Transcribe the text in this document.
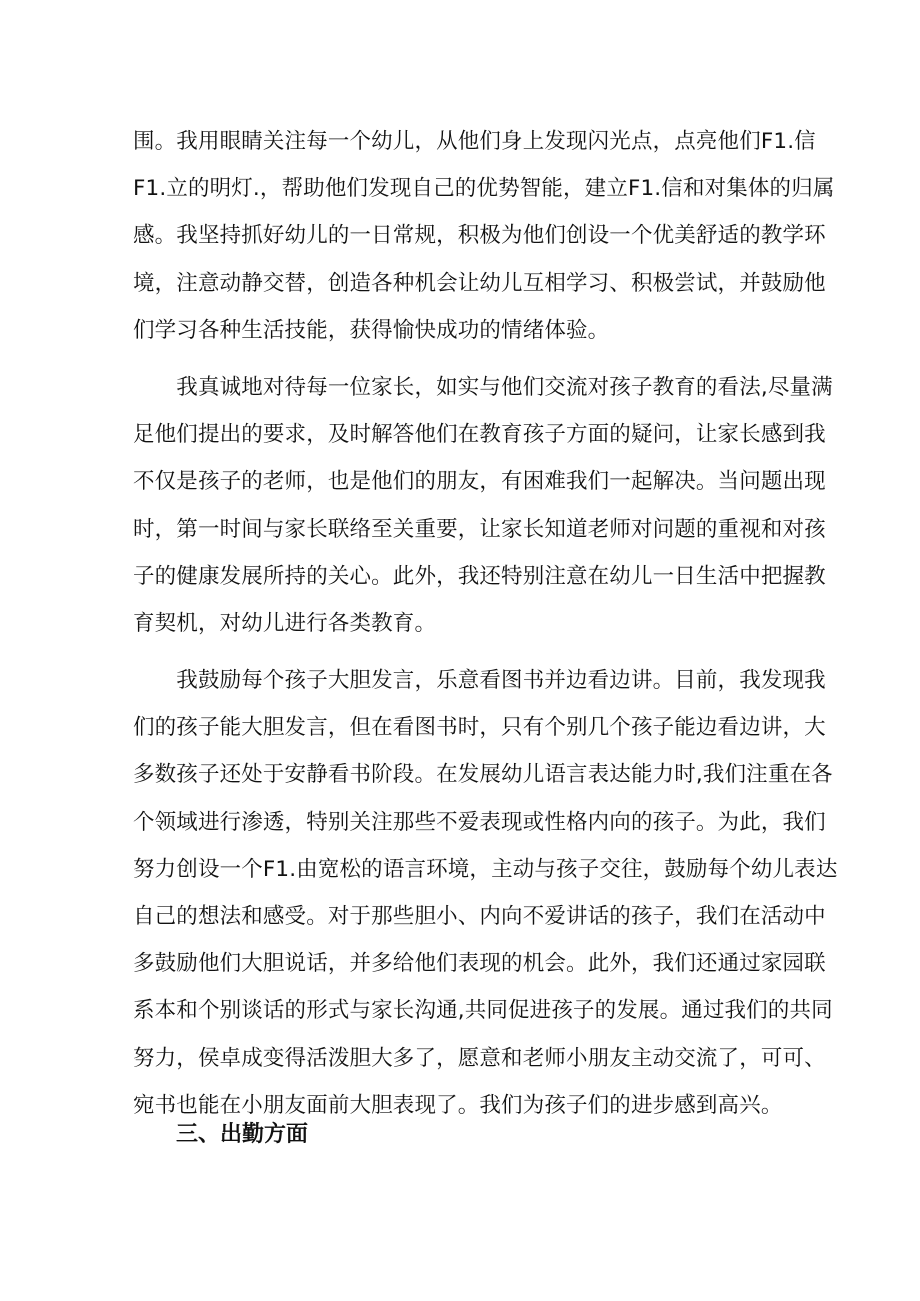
围。我用眼睛关注每一个幼儿，从他们身上发现闪光点，点亮他们F1.信
F1.立的明灯.，帮助他们发现自己的优势智能，建立F1.信和对集体的归属
感。我坚持抓好幼儿的一日常规，积极为他们创设一个优美舒适的教学环
境，注意动静交替，创造各种机会让幼儿互相学习、积极尝试，并鼓励他
们学习各种生活技能，获得愉快成功的情绪体验。
　　我真诚地对待每一位家长，如实与他们交流对孩子教育的看法,尽量满
足他们提出的要求，及时解答他们在教育孩子方面的疑问，让家长感到我
不仅是孩子的老师，也是他们的朋友，有困难我们一起解决。当问题出现
时，第一时间与家长联络至关重要，让家长知道老师对问题的重视和对孩
子的健康发展所持的关心。此外，我还特别注意在幼儿一日生活中把握教
育契机，对幼儿进行各类教育。
　　我鼓励每个孩子大胆发言，乐意看图书并边看边讲。目前，我发现我
们的孩子能大胆发言，但在看图书时，只有个别几个孩子能边看边讲，大
多数孩子还处于安静看书阶段。在发展幼儿语言表达能力时,我们注重在各
个领域进行渗透，特别关注那些不爱表现或性格内向的孩子。为此，我们
努力创设一个F1.由宽松的语言环境，主动与孩子交往，鼓励每个幼儿表达
自己的想法和感受。对于那些胆小、内向不爱讲话的孩子，我们在活动中
多鼓励他们大胆说话，并多给他们表现的机会。此外，我们还通过家园联
系本和个别谈话的形式与家长沟通,共同促进孩子的发展。通过我们的共同
努力，侯卓成变得活泼胆大多了，愿意和老师小朋友主动交流了，可可、
宛书也能在小朋友面前大胆表现了。我们为孩子们的进步感到高兴。
三、出勤方面
